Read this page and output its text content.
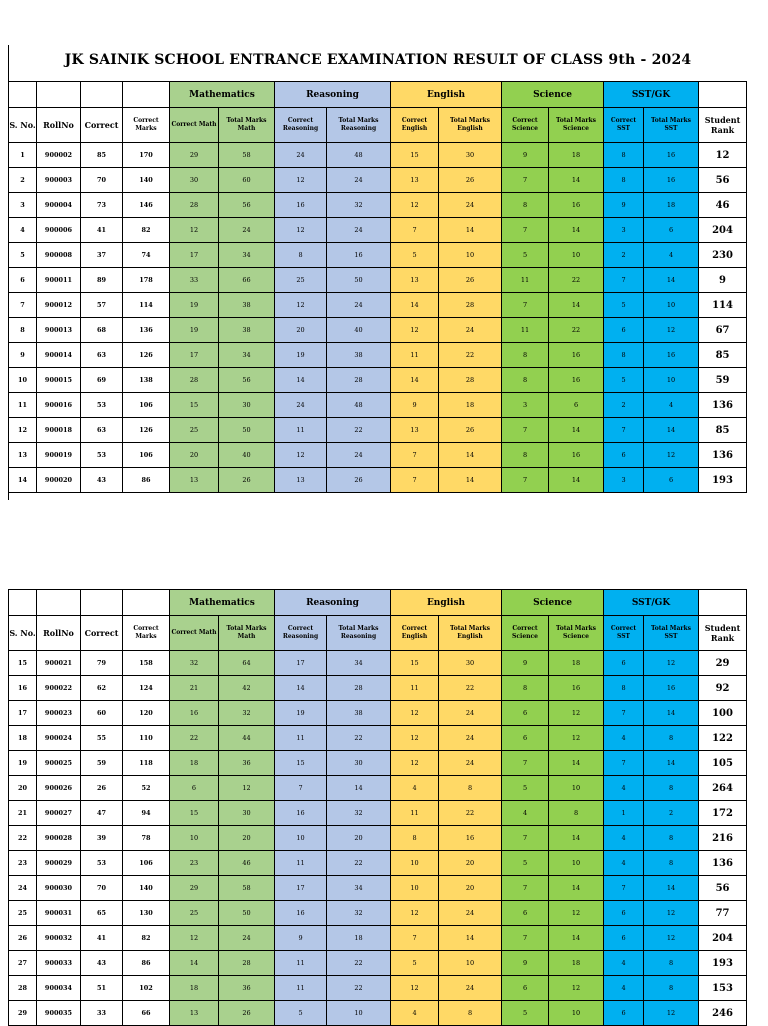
JK SAINIK SCHOOL ENTRANCE EXAMINATION RESULT OF CLASS 9th - 2024
				Mathematics		Reasoning		English		Science		SST/GK		
S. No.	RollNo	Correct	Correct Marks	Correct Math	Total Marks Math	Correct Reasoning	Total Marks Reasoning	Correct English	Total Marks English	Correct Science	Total Marks Science	Correct SST	Total Marks SST	Student Rank
1	900002	85	170	29	58	24	48	15	30	9	18	8	16	12
2	900003	70	140	30	60	12	24	13	26	7	14	8	16	56
3	900004	73	146	28	56	16	32	12	24	8	16	9	18	46
4	900006	41	82	12	24	12	24	7	14	7	14	3	6	204
5	900008	37	74	17	34	8	16	5	10	5	10	2	4	230
6	900011	89	178	33	66	25	50	13	26	11	22	7	14	9
7	900012	57	114	19	38	12	24	14	28	7	14	5	10	114
8	900013	68	136	19	38	20	40	12	24	11	22	6	12	67
9	900014	63	126	17	34	19	38	11	22	8	16	8	16	85
10	900015	69	138	28	56	14	28	14	28	8	16	5	10	59
11	900016	53	106	15	30	24	48	9	18	3	6	2	4	136
12	900018	63	126	25	50	11	22	13	26	7	14	7	14	85
13	900019	53	106	20	40	12	24	7	14	8	16	6	12	136
14	900020	43	86	13	26	13	26	7	14	7	14	3	6	193
				Mathematics		Reasoning		English		Science		SST/GK		
S. No.	RollNo	Correct	Correct Marks	Correct Math	Total Marks Math	Correct Reasoning	Total Marks Reasoning	Correct English	Total Marks English	Correct Science	Total Marks Science	Correct SST	Total Marks SST	Student Rank
15	900021	79	158	32	64	17	34	15	30	9	18	6	12	29
16	900022	62	124	21	42	14	28	11	22	8	16	8	16	92
17	900023	60	120	16	32	19	38	12	24	6	12	7	14	100
18	900024	55	110	22	44	11	22	12	24	6	12	4	8	122
19	900025	59	118	18	36	15	30	12	24	7	14	7	14	105
20	900026	26	52	6	12	7	14	4	8	5	10	4	8	264
21	900027	47	94	15	30	16	32	11	22	4	8	1	2	172
22	900028	39	78	10	20	10	20	8	16	7	14	4	8	216
23	900029	53	106	23	46	11	22	10	20	5	10	4	8	136
24	900030	70	140	29	58	17	34	10	20	7	14	7	14	56
25	900031	65	130	25	50	16	32	12	24	6	12	6	12	77
26	900032	41	82	12	24	9	18	7	14	7	14	6	12	204
27	900033	43	86	14	28	11	22	5	10	9	18	4	8	193
28	900034	51	102	18	36	11	22	12	24	6	12	4	8	153
29	900035	33	66	13	26	5	10	4	8	5	10	6	12	246
